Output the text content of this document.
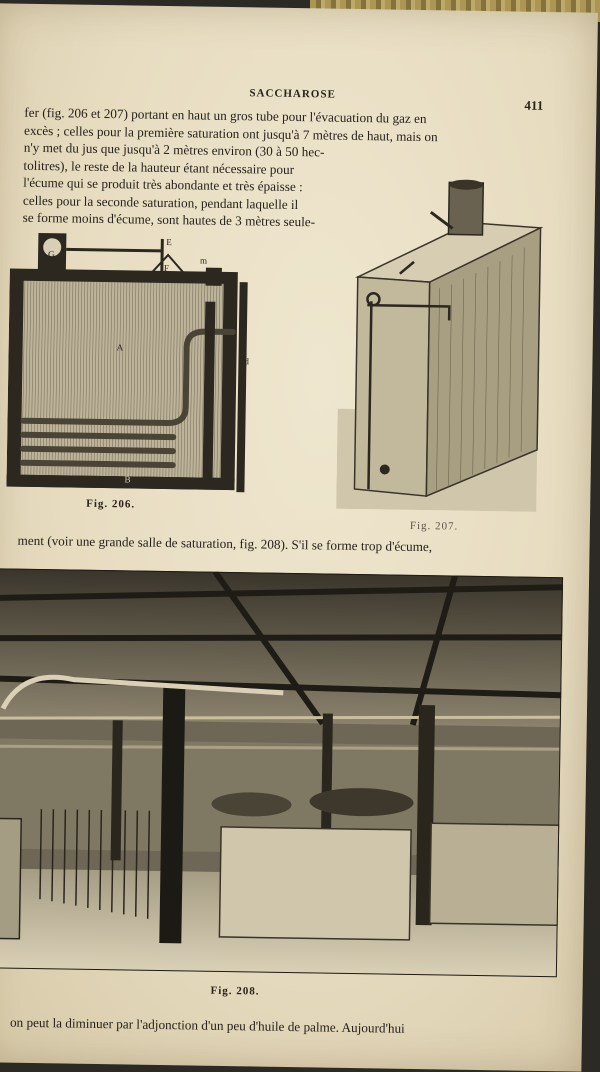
SACCHAROSE
411
fer (fig. 206 et 207) portant en haut un gros tube pour l'évacuation du gaz en
excès ; celles pour la première saturation ont jusqu'à 7 mètres de haut, mais on
n'y met du jus que jusqu'à 2 mètres environ (30 à 50 hec-
tolitres), le reste de la hauteur étant nécessaire pour
l'écume qui se produit très abondante et très épaisse :
celles pour la seconde saturation, pendant laquelle il
se forme moins d'écume, sont hautes de 3 mètres seule-
G
E
F
m
A
d
B
Fig. 206.
Fig. 207.
ment (voir une grande salle de saturation, fig. 208). S'il se forme trop d'écume,
Fig. 208.
on peut la diminuer par l'adjonction d'un peu d'huile de palme. Aujourd'hui
